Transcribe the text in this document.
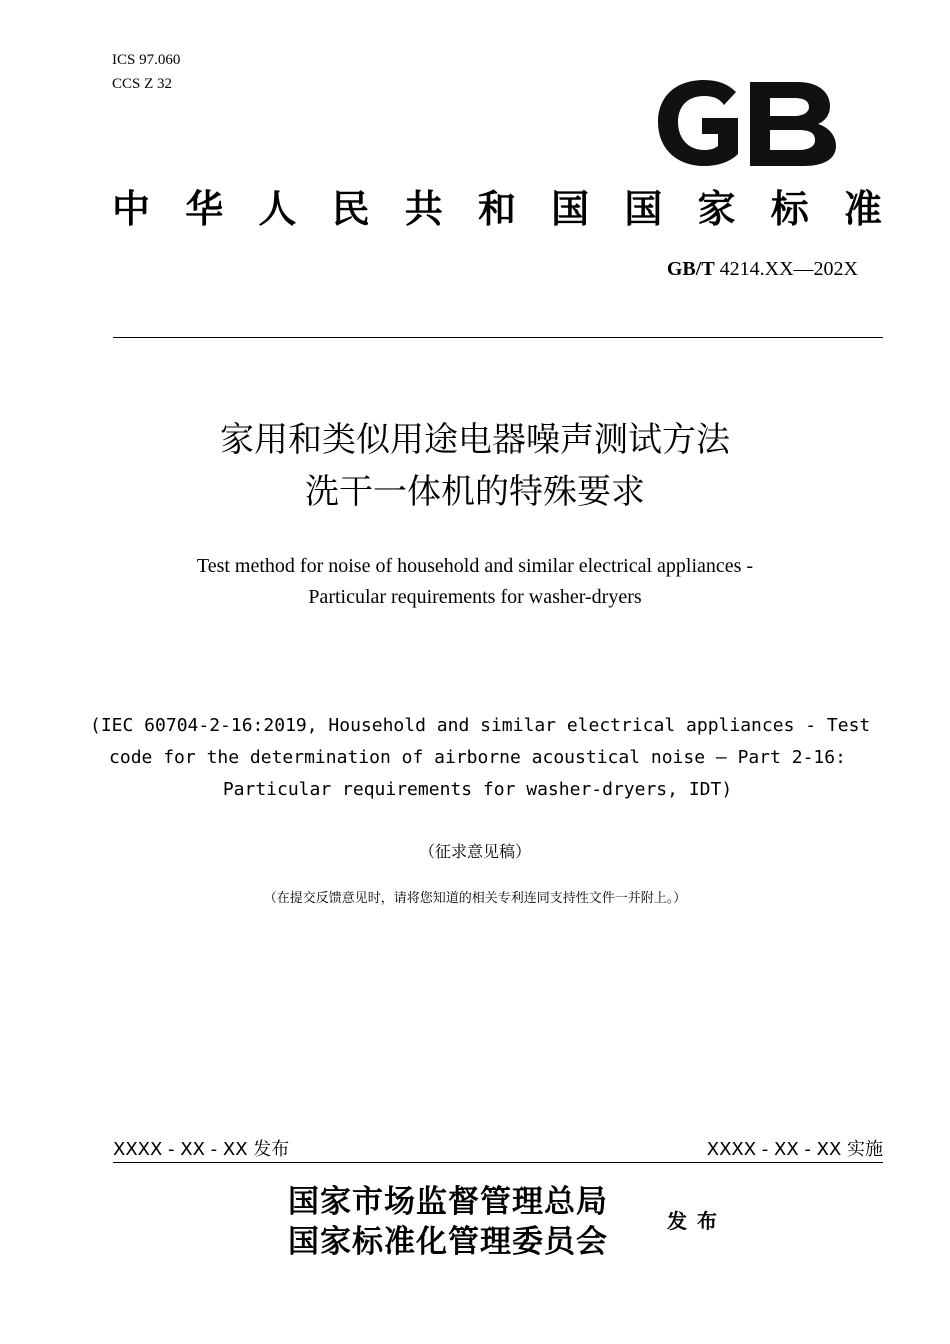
ICS 97.060
CCS Z 32
中 华 人 民 共 和 国 国 家 标 准
GB/T 4214.XX—202X
家用和类似用途电器噪声测试方法
洗干一体机的特殊要求
Test method for noise of household and similar electrical appliances -
Particular requirements for washer-dryers
(IEC 60704-2-16:2019, Household and similar electrical appliances - Test
code for the determination of airborne acoustical noise – Part 2-16:
Particular requirements for washer-dryers, IDT)
（征求意见稿）
（在提交反馈意见时，请将您知道的相关专利连同支持性文件一并附上。）
XXXX - XX - XX 发布	XXXX - XX - XX 实施
国家市场监督管理总局
国家标准化管理委员会
发布
